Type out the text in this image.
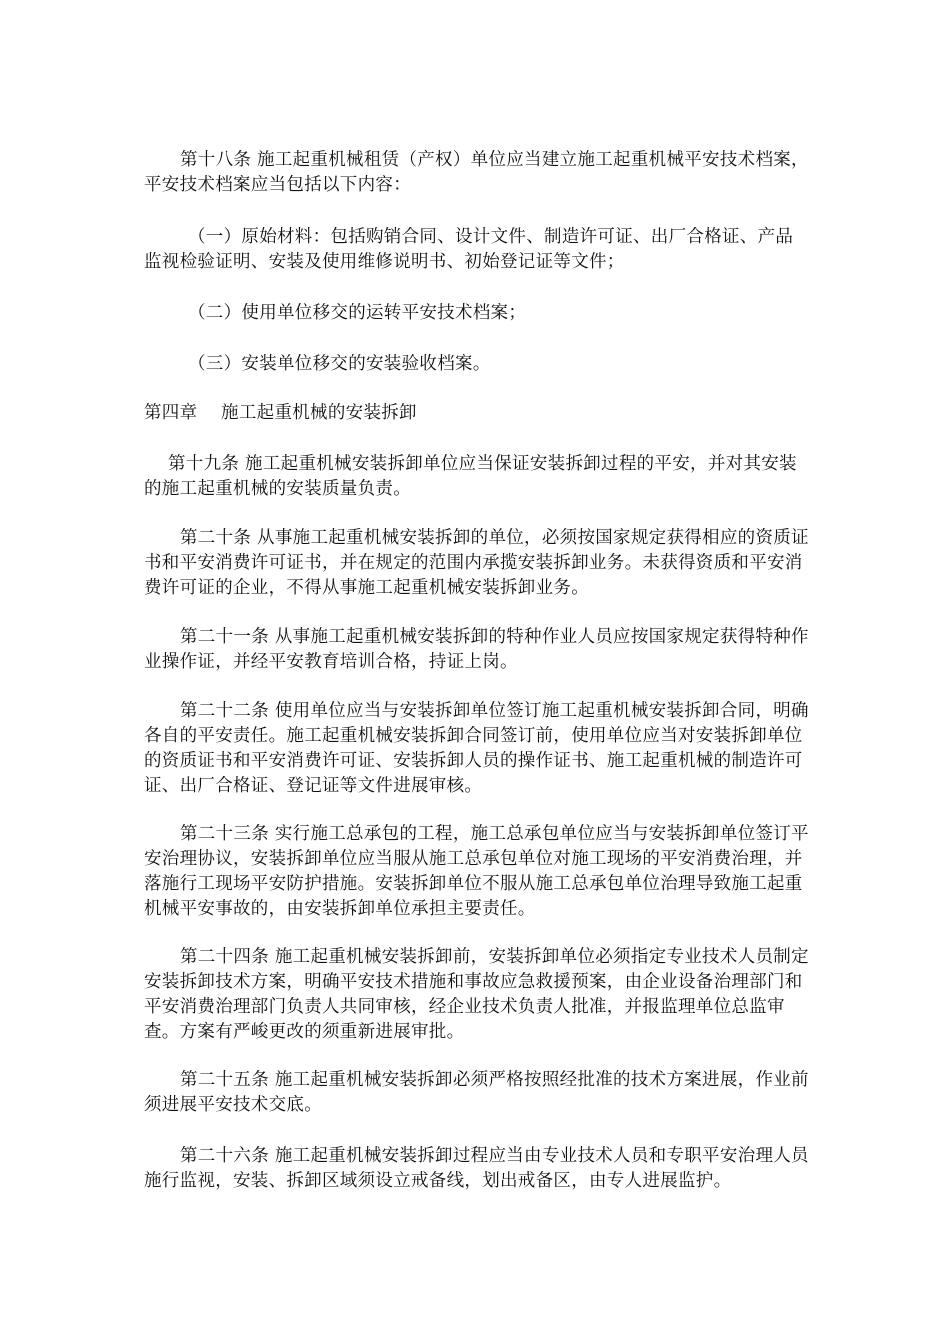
第十八条 施工起重机械租赁（产权）单位应当建立施工起重机械平安技术档案，平安技术档案应当包括以下内容：

（一）原始材料：包括购销合同、设计文件、制造许可证、出厂合格证、产品监视检验证明、安装及使用维修说明书、初始登记证等文件；

（二）使用单位移交的运转平安技术档案；

（三）安装单位移交的安装验收档案。

第四章　 施工起重机械的安装拆卸

第十九条 施工起重机械安装拆卸单位应当保证安装拆卸过程的平安，并对其安装的施工起重机械的安装质量负责。

第二十条 从事施工起重机械安装拆卸的单位，必须按国家规定获得相应的资质证书和平安消费许可证书，并在规定的范围内承揽安装拆卸业务。未获得资质和平安消费许可证的企业，不得从事施工起重机械安装拆卸业务。

第二十一条 从事施工起重机械安装拆卸的特种作业人员应按国家规定获得特种作业操作证，并经平安教育培训合格，持证上岗。

第二十二条 使用单位应当与安装拆卸单位签订施工起重机械安装拆卸合同，明确各自的平安责任。施工起重机械安装拆卸合同签订前，使用单位应当对安装拆卸单位的资质证书和平安消费许可证、安装拆卸人员的操作证书、施工起重机械的制造许可证、出厂合格证、登记证等文件进展审核。

第二十三条 实行施工总承包的工程，施工总承包单位应当与安装拆卸单位签订平安治理协议，安装拆卸单位应当服从施工总承包单位对施工现场的平安消费治理，并落施行工现场平安防护措施。安装拆卸单位不服从施工总承包单位治理导致施工起重机械平安事故的，由安装拆卸单位承担主要责任。

第二十四条 施工起重机械安装拆卸前，安装拆卸单位必须指定专业技术人员制定安装拆卸技术方案，明确平安技术措施和事故应急救援预案，由企业设备治理部门和平安消费治理部门负责人共同审核，经企业技术负责人批准，并报监理单位总监审查。方案有严峻更改的须重新进展审批。

第二十五条 施工起重机械安装拆卸必须严格按照经批准的技术方案进展，作业前须进展平安技术交底。

第二十六条 施工起重机械安装拆卸过程应当由专业技术人员和专职平安治理人员施行监视，安装、拆卸区域须设立戒备线，划出戒备区，由专人进展监护。
